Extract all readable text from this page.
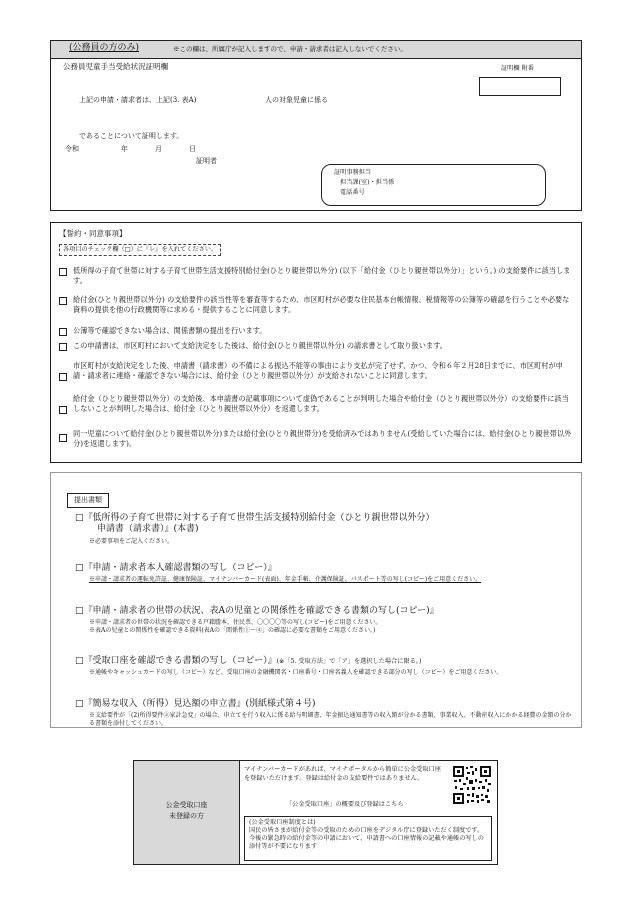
(公務員の方のみ)	※この欄は、所属庁が記入しますので、申請・請求者は記入しないでください。
公務員児童手当受給状況証明欄	証明欄 附番
上記の申請・請求者は、上記(3. 表A)	人の対象児童に係る
であることについて証明します。
令和	年	月	日
証明者
証明事務担当
担当課(室)・担当係
電話番号
【誓約・同意事項】
各項目のチェック欄（□）に『レ』を入れてください。
低所得の子育て世帯に対する子育て世帯生活支援特別給付金(ひとり親世帯以外分) (以下「給付金（ひとり親世帯以外分）」という。) の支給要件に該当します。
給付金(ひとり親世帯以外分) の支給要件の該当性等を審査等するため、市区町村が必要な住民基本台帳情報、税情報等の公簿等の確認を行うことや必要な資料の提供を他の行政機関等に求める・提供することに同意します。
公簿等で確認できない場合は、関係書類の提出を行います。
この申請書は、市区町村において支給決定をした後は、給付金(ひとり親世帯以外分) の請求書として取り扱います。
市区町村が支給決定をした後、申請書（請求書）の不備による振込不能等の事由により支払が完了せず、かつ、令和６年２月28日までに、市区町村が申請・請求者に連絡・確認できない場合には、給付金（ひとり親世帯以外分）が支給されないことに同意します。
給付金（ひとり親世帯以外分）の支給後、本申請書の記載事項について虚偽であることが判明した場合や給付金（ひとり親世帯以外分）の支給要件に該当しないことが判明した場合は、給付金（ひとり親世帯以外分）を返還します。
同一児童について給付金(ひとり親世帯以外分)または給付金(ひとり親世帯分)を受給済みではありません(受給していた場合には、給付金(ひとり親世帯以外分)を返還します)。
提出書類
□『低所得の子育て世帯に対する子育て世帯生活支援特別給付金（ひとり親世帯以外分）
申請書（請求書）』(本書)
※必要事項をご記入ください。
□『申請・請求者本人確認書類の写し（コピー）』
※申請・請求者の運転免許証、健康保険証、マイナンバーカード(表面)、年金手帳、介護保険証、パスポート等の写し(コピー)をご用意ください。
□『申請・請求者の世帯の状況、表Aの児童との関係性を確認できる書類の写し(コピー)』
※申請・請求者の世帯の状況を確認できる戸籍謄本、住民票、〇〇〇〇等の写し(コピー)をご用意ください。
※表Aの児童との関係性を確認できる資料(表Aの「関係性①～④」の確認に必要な書類をご用意ください。)
□『受取口座を確認できる書類の写し（コピー）』(※「5. 受取方法」で「ア」を選択した場合に限る。)
※通帳やキャッシュカードの写し（コピー）など、受取口座の金融機関名・口座番号・口座名義人を確認できる部分の写し（コピー）をご用意ください。
□『簡易な収入（所得）見込額の申立書』(別紙様式第４号)
※支給要件が「(2)所得要件②家計急変」の場合、申立てを行う収入に係る給与明細書、年金振込通知書等の収入額が分かる書類、事業収入、不動産収入にかかる経費の金額の分かる書類を添付してください。
公金受取口座
未登録の方
マイナンバーカードがあれば、マイナポータルから簡単に公金受取口座を登録いただけます。登録は給付金の支給要件ではありません。
「公金受取口座」の概要及び登録はこちら
(公金受取口座制度とは)
国民の皆さまが給付金等の受取のための口座をデジタル庁に登録いただく制度です。今後の緊急時の給付金等の申請において、申請書への口座情報の記載や通帳の写しの添付等が不要になります
